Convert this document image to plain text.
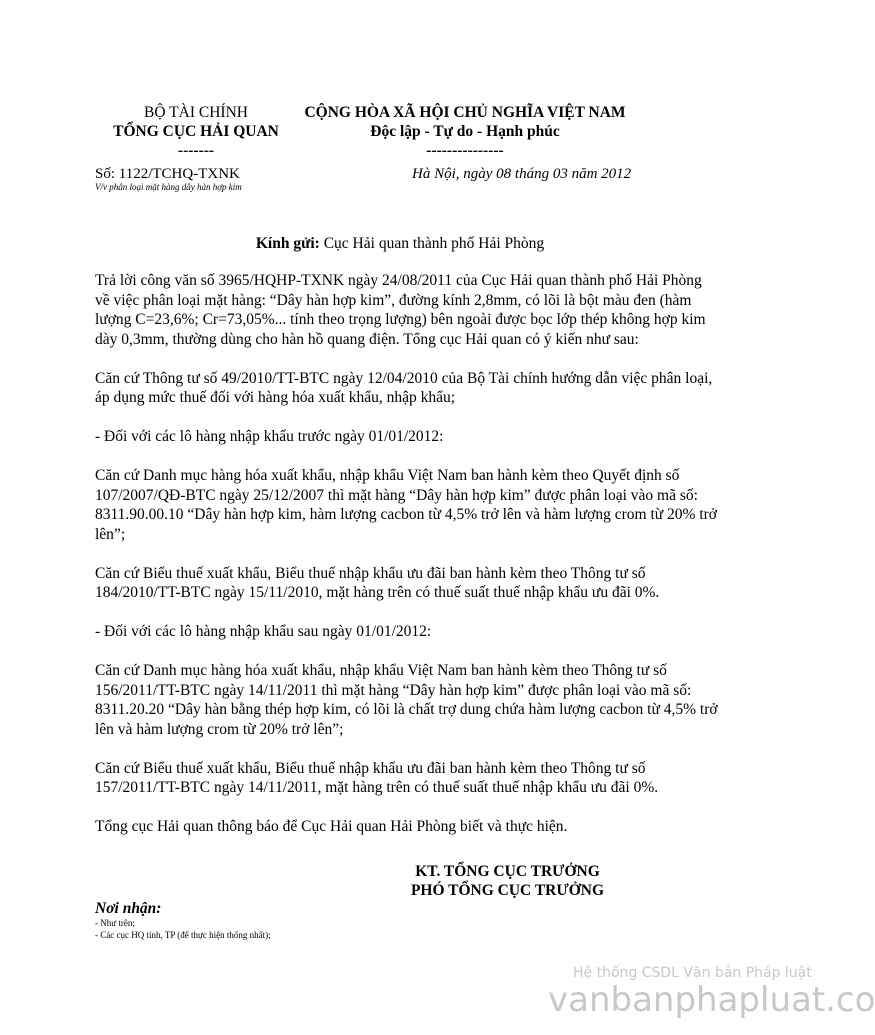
BỘ TÀI CHÍNH
TỔNG CỤC HẢI QUAN
-------
CỘNG HÒA XÃ HỘI CHỦ NGHĨA VIỆT NAM
Độc lập - Tự do - Hạnh phúc
---------------
Số: 1122/TCHQ-TXNK
V/v phân loại mặt hàng dây hàn hợp kim
Hà Nội, ngày 08 tháng 03 năm 2012
Kính gửi: Cục Hải quan thành phố Hải Phòng

Trả lời công văn số 3965/HQHP-TXNK ngày 24/08/2011 của Cục Hải quan thành phố Hải Phòng về việc phân loại mặt hàng: “Dây hàn hợp kim”, đường kính 2,8mm, có lõi là bột màu đen (hàm lượng C=23,6%; Cr=73,05%... tính theo trọng lượng) bên ngoài được bọc lớp thép không hợp kim dày 0,3mm, thường dùng cho hàn hồ quang điện. Tổng cục Hải quan có ý kiến như sau:

Căn cứ Thông tư số 49/2010/TT-BTC ngày 12/04/2010 của Bộ Tài chính hướng dẫn việc phân loại, áp dụng mức thuế đối với hàng hóa xuất khẩu, nhập khẩu;

- Đối với các lô hàng nhập khẩu trước ngày 01/01/2012:

Căn cứ Danh mục hàng hóa xuất khẩu, nhập khẩu Việt Nam ban hành kèm theo Quyết định số 107/2007/QĐ-BTC ngày 25/12/2007 thì mặt hàng “Dây hàn hợp kim” được phân loại vào mã số: 8311.90.00.10 “Dây hàn hợp kim, hàm lượng cacbon từ 4,5% trở lên và hàm lượng crom từ 20% trở lên”;

Căn cứ Biểu thuế xuất khẩu, Biểu thuế nhập khẩu ưu đãi ban hành kèm theo Thông tư số 184/2010/TT-BTC ngày 15/11/2010, mặt hàng trên có thuế suất thuế nhập khẩu ưu đãi 0%.

- Đối với các lô hàng nhập khẩu sau ngày 01/01/2012:

Căn cứ Danh mục hàng hóa xuất khẩu, nhập khẩu Việt Nam ban hành kèm theo Thông tư số 156/2011/TT-BTC ngày 14/11/2011 thì mặt hàng “Dây hàn hợp kim” được phân loại vào mã số: 8311.20.20 “Dây hàn bằng thép hợp kim, có lõi là chất trợ dung chứa hàm lượng cacbon từ 4,5% trở lên và hàm lượng crom từ 20% trở lên”;

Căn cứ Biểu thuế xuất khẩu, Biểu thuế nhập khẩu ưu đãi ban hành kèm theo Thông tư số 157/2011/TT-BTC ngày 14/11/2011, mặt hàng trên có thuế suất thuế nhập khẩu ưu đãi 0%.

Tổng cục Hải quan thông báo để Cục Hải quan Hải Phòng biết và thực hiện.

KT. TỔNG CỤC TRƯỞNG
PHÓ TỔNG CỤC TRƯỞNG
Nơi nhận:
- Như trên;
- Các cục HQ tỉnh, TP (để thực hiện thống nhất);
Hệ thống CSDL Văn bản Pháp luật
vanbanphapluat.co
